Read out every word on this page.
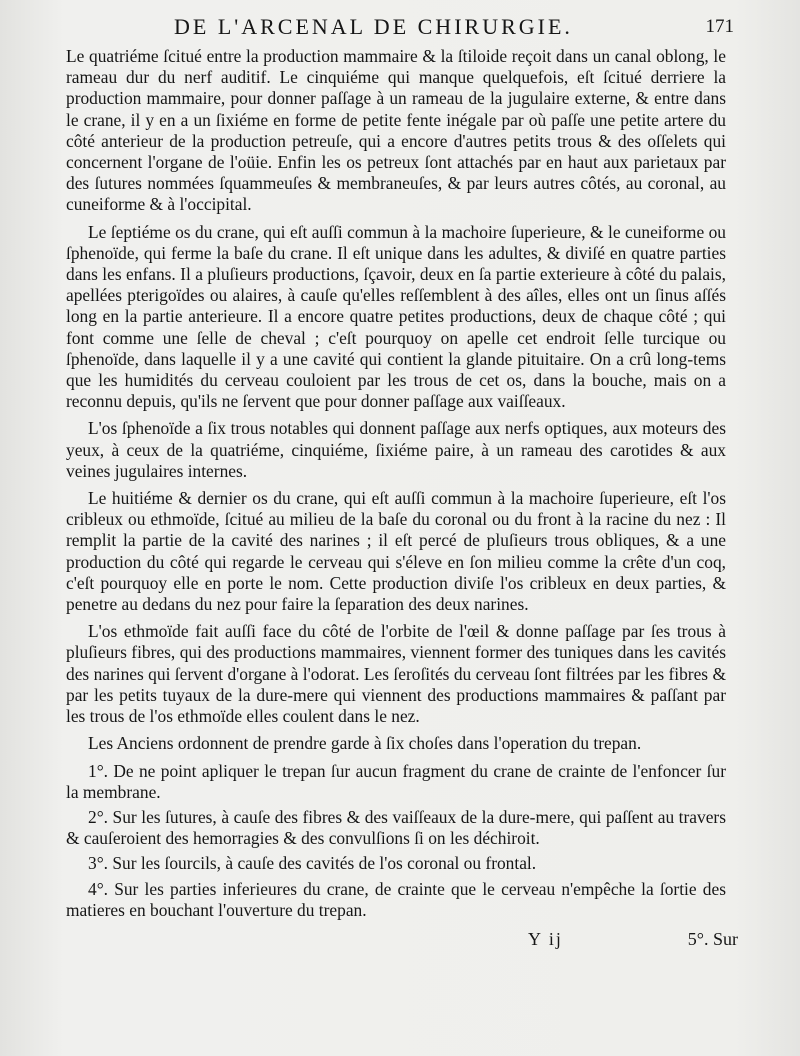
DE L'ARCENAL DE CHIRURGIE.	171

Le quatriéme ſcitué entre la production mammaire & la ſtiloide reçoit dans un canal oblong, le rameau dur du nerf auditif. Le cinquiéme qui manque quelquefois, eſt ſcitué derriere la production mammaire, pour donner paſſage à un rameau de la jugulaire externe, & entre dans le crane, il y en a un ſixiéme en forme de petite fente inégale par où paſſe une petite artere du côté anterieur de la production petreuſe, qui a encore d'autres petits trous & des oſſelets qui concernent l'organe de l'oüie. Enfin les os petreux ſont attachés par en haut aux parietaux par des ſutures nommées ſquammeuſes & membraneuſes, & par leurs autres côtés, au coronal, au cuneiforme & à l'occipital.

Le ſeptiéme os du crane, qui eſt auſſi commun à la machoire ſuperieure, & le cuneiforme ou ſphenoïde, qui ferme la baſe du crane. Il eſt unique dans les adultes, & diviſé en quatre parties dans les enfans. Il a pluſieurs productions, ſçavoir, deux en ſa partie exterieure à côté du palais, apellées pterigoïdes ou alaires, à cauſe qu'elles reſſemblent à des aîles, elles ont un ſinus aſſés long en la partie anterieure. Il a encore quatre petites productions, deux de chaque côté ; qui font comme une ſelle de cheval ; c'eſt pourquoy on apelle cet endroit ſelle turcique ou ſphenoïde, dans laquelle il y a une cavité qui contient la glande pituitaire. On a crû long-tems que les humidités du cerveau couloient par les trous de cet os, dans la bouche, mais on a reconnu depuis, qu'ils ne ſervent que pour donner paſſage aux vaiſſeaux.

L'os ſphenoïde a ſix trous notables qui donnent paſſage aux nerfs optiques, aux moteurs des yeux, à ceux de la quatriéme, cinquiéme, ſixiéme paire, à un rameau des carotides & aux veines jugulaires internes.

Le huitiéme & dernier os du crane, qui eſt auſſi commun à la machoire ſuperieure, eſt l'os cribleux ou ethmoïde, ſcitué au milieu de la baſe du coronal ou du front à la racine du nez : Il remplit la partie de la cavité des narines ; il eſt percé de pluſieurs trous obliques, & a une production du côté qui regarde le cerveau qui s'éleve en ſon milieu comme la crête d'un coq, c'eſt pourquoy elle en porte le nom. Cette production diviſe l'os cribleux en deux parties, & penetre au dedans du nez pour faire la ſeparation des deux narines.

L'os ethmoïde fait auſſi face du côté de l'orbite de l'œil & donne paſſage par ſes trous à pluſieurs fibres, qui des productions mammaires, viennent former des tuniques dans les cavités des narines qui ſervent d'organe à l'odorat. Les ſeroſités du cerveau ſont filtrées par les fibres & par les petits tuyaux de la dure-mere qui viennent des productions mammaires & paſſant par les trous de l'os ethmoïde elles coulent dans le nez.

Les Anciens ordonnent de prendre garde à ſix choſes dans l'operation du trepan.

1°. De ne point apliquer le trepan ſur aucun fragment du crane de crainte de l'enfoncer ſur la membrane.

2°. Sur les ſutures, à cauſe des fibres & des vaiſſeaux de la dure-mere, qui paſſent au travers & cauſeroient des hemorragies & des convulſions ſi on les déchiroit.

3°. Sur les ſourcils, à cauſe des cavités de l'os coronal ou frontal.

4°. Sur les parties inferieures du crane, de crainte que le cerveau n'empêche la ſortie des matieres en bouchant l'ouverture du trepan.

Y ij	5°. Sur
